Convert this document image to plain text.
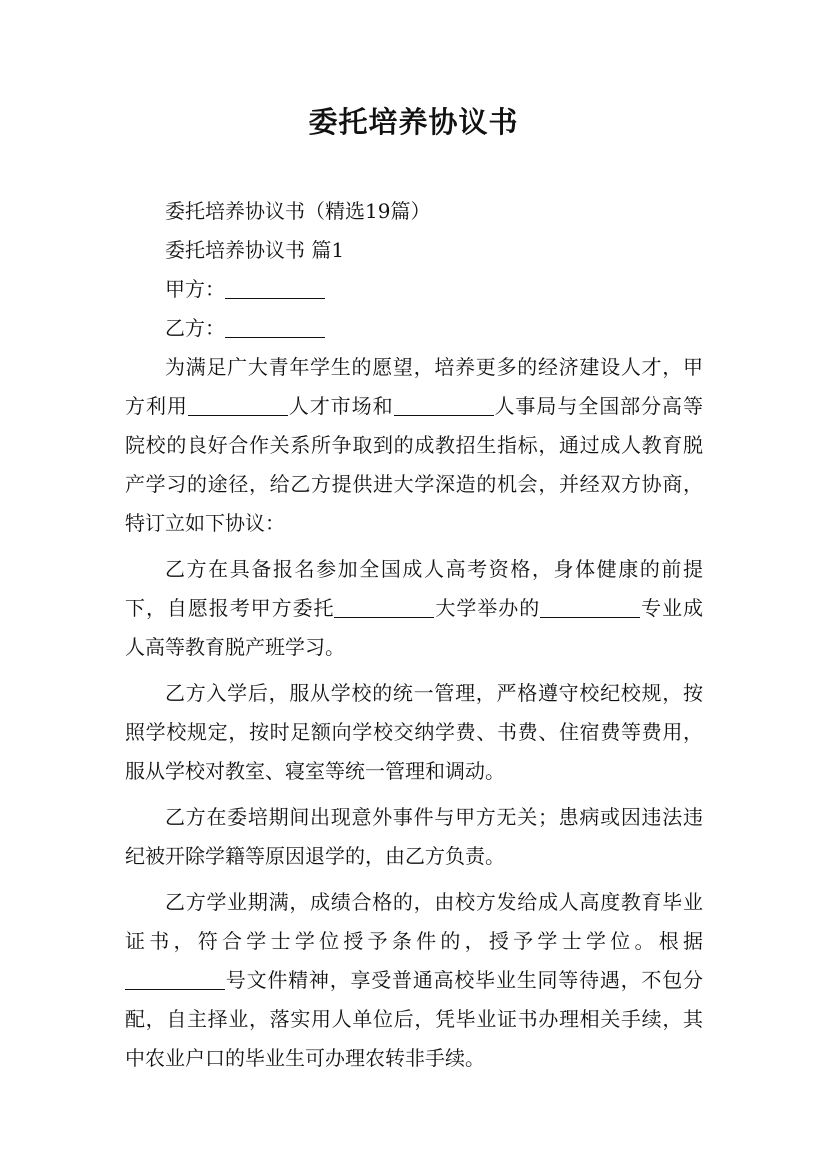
委托培养协议书

委托培养协议书（精选19篇）

委托培养协议书 篇1

甲方：

乙方：

为满足广大青年学生的愿望，培养更多的经济建设人才，甲方利用	人才市场和	人事局与全国部分高等院校的良好合作关系所争取到的成教招生指标，通过成人教育脱产学习的途径，给乙方提供进大学深造的机会，并经双方协商，特订立如下协议：

乙方在具备报名参加全国成人高考资格，身体健康的前提下，自愿报考甲方委托	大学举办的	专业成人高等教育脱产班学习。

乙方入学后，服从学校的统一管理，严格遵守校纪校规，按照学校规定，按时足额向学校交纳学费、书费、住宿费等费用，服从学校对教室、寝室等统一管理和调动。

乙方在委培期间出现意外事件与甲方无关；患病或因违法违纪被开除学籍等原因退学的，由乙方负责。

乙方学业期满，成绩合格的，由校方发给成人高度教育毕业证书，符合学士学位授予条件的，授予学士学位。根据号文件精神，享受普通高校毕业生同等待遇，不包分配，自主择业，落实用人单位后，凭毕业证书办理相关手续，其中农业户口的毕业生可办理农转非手续。
